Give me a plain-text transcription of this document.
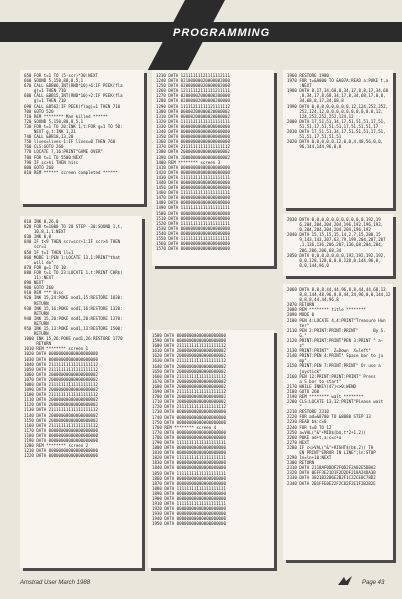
PROGRAMMING
650 FOR t=1 TO (5-scr)*30:NEXT
660 SOUND 5,150,80,8,5,1
670 CALL &BB06,INT(RND*10)+6:IF PEEK(fla
g)=1 THEN 710
680 CALL &BB15,INT(RND*10)+2:IF PEEK(fla
g)=1 THEN 710
690 CALL &B562:IF PEEK(flag)=1 THEN 710
700 GOTO 520
710 REM ******** Man killed ******
720 SOUND 5,150,80,8,5,1
730 FOR t=1 TO 20:INK 1,t:FOR g=1 TO 50:
NEXT g,t:INK 1,21
740 CALL &BB18,13,20
750 lives=lives-1:IF lives=0 THEN 760
760 CLS:GOTO 260
770 LOCATE 7,16:PRINT"GAME OVER"
780 FOR t=1 TO 5500:NEXT
790 IF sc>hi THEN hisc
800 GOTO 260
810 REM ****** screen completed ******
810 INK 0,26,0
820 FOR t=1000 TO 20 STEP -30:SOUND 1,t,
10,8,1,1:NEXT
830 INK 0,0
840 IF t<9 THEN scr=scr+1:IF scr>4 THEN
scr=1
850 IF t=1 THEN ll=1
860 MODE 1:PEN 1:LOCATE 13,1:PRINT"that
will do"
870 FOR g=1 TO 10
880 FOR t=1 TO 23:LOCATE 1,t:PRINT CHR$(
11):NEXT
890 NEXT
900 GOTO 260
910 REM *** Hisc
920 INK 15,24:POKE nod1,15:RESTORE 1830:
RETURN
930 INK 15,16:POKE nod1,16:RESTORE 1320:
RETURN
940 INK 15,20:POKE nod1,20:RESTORE 1370:
RETURN
950 INK 15,13:POKE nod1,13:RESTORE 1500:
RETURN
1000 INK 15,26:POKE nod1,26:RESTORE 1770
RETURN
1010 REM ******** screen 1
1020 DATA 00000000000000000000
1030 DATA 00000000000000000000
1040 DATA 21111111111111111112
1050 DATA 21111111111111111112
1060 DATA 20000000000000000002
1070 DATA 20000000000000000002
1080 DATA 21111111111111111112
1090 DATA 20000000000000000002
1100 DATA 21111111111111111112
1110 DATA 20000000000000000002
1120 DATA 20000000000000000002
1130 DATA 21111111111111111112
1140 DATA 20000000000000000002
1150 DATA 20000000000000000002
1160 DATA 21111111111111111112
1170 DATA 00000000000000000000
1180 DATA 00000000000000000000
1190 DATA 00000000000000000000
1200 REM ******** screen 2
1210 DATA 00000000000000000000
1220 DATA 00000000000000000000
1230 DATA 12111111121111112111
1240 DATA 02100000020000002000
1250 DATA 02000000020000002000
1260 DATA 12111112111111211111
1270 DATA 02000002000000200000
1280 DATA 02000002000000200000
1290 DATA 11111211111121111112
1300 DATA 00000200000020000002
1310 DATA 00000200000020000002
1320 DATA 11111111111111111111
1330 DATA 00000000000000000000
1340 DATA 00000000000000000000
1350 DATA 00000000000000000000
1360 DATA 00000000000000000000
1370 DATA 21111111111111111112
1380 DATA 20000000000000000002
1390 DATA 20000000000000000002
1400 REM ******** screen 3
1410 DATA 00000000000000000000
1420 DATA 00000000000000000000
1430 DATA 11111111111111111111
1440 DATA 00000000000000000000
1450 DATA 00000000000000000000
1460 DATA 11111111111111111111
1470 DATA 00000000000000000000
1480 DATA 00000000000000000000
1490 DATA 11111111111111111111
1500 DATA 00000000000000000000
1510 DATA 00000000000000000000
1520 DATA 11111111111111111111
1530 DATA 00000000000000000000
1540 DATA 00000000000000000000
1550 DATA 11111111111111111111
1560 DATA 00000000000000000000
1570 DATA 00000000000000000000
1580 DATA 00000000000000000000
1590 DATA 00000000000000000000
1600 DATA 21111111111111111112
1610 DATA 20000000000000000002
1620 DATA 20000000000000000002
1630 DATA 21111111111111111112
1640 DATA 20000000000000000002
1650 DATA 20000000000000000002
1660 DATA 21111111111111111112
1670 DATA 20000000000000000002
1680 DATA 20000000000000000002
1690 DATA 21111111111111111112
1700 DATA 20000000000000000002
1710 DATA 20000000000000000002
1720 DATA 21111111111111111112
1730 DATA 00000000000000000000
1740 DATA 00000000000000000000
1750 DATA 00000000000000000000
1760 REM ******** screen 4
1770 DATA 00000000000000000000
1780 DATA 00000000000000000000
1790 DATA 11111111111111111111
1800 DATA 00000000000000000000
1810 DATA 00000000000000000000
1820 DATA 11111111111111111111
1830 DATA 00000000000000000000
1840 DATA 00000000000000000000
1850 DATA 11111111111111111111
1860 DATA 00000000000000000000
1870 DATA 00000000000000000000
1880 DATA 11111111111111111111
1890 DATA 00000000000000000000
1900 DATA 00000000000000000000
1910 DATA 11111111111111111111
1920 DATA 00000000000000000000
1930 DATA 00000000000000000000
1940 DATA 00000000000000000000
1950 DATA 00000000000000000000
1960 RESTORE 1980
1970 FOR t=&A000 TO &A07A:READ a:POKE t,a
:NEXT
1980 DATA 8,17,34,68,8,34,17,8,8,17,34,68
,8,34,17,8,68,34,17,8,34,68,17,8,8,
34,68,8,17,34,68,8
1990 DATA 0,0,0,0,0,0,0,0,12,124,252,252,
252,124,12,0,0,0,0,0,0,0,0,0,0,12,
124,252,252,252,124,12
2000 DATA 17,51,51,34,17,51,51,51,17,51,
51,51,17,51,51,51,17,51,51,51,17
2010 DATA 17,51,51,34,17,51,51,51,17,51,
51,51,17,51,51,51
2020 DATA 0,0,0,0,0,12,0,0,4,48,56,0,0,
96,144,144,96,0,0
2030 DATA 0,0,0,0,0,0,0,0,0,0,0,192,19
6,204,204,204,204,196,192,196,192,
0,204,204,204,204,204,196,192
2040 DATA 15,15,15,15,14,2,7,15,200,15
9,143,143,207,63,79,199,204,207,207
,1,136,136,206,207,136,68,204,204,
206,206,206,68,34
2050 DATA 0,0,0,0,0,0,0,192,192,192,192,
0,0,128,128,0,0,0,128,0,144,96,0,
0,0,144,96,0
2060 DATA 8,8,8,44,44,96,8,8,44,44,68,12
8,8,144,48,96,8,8,44,24,96,0,0,144,12
8,8,8,44,44,96,8
2070 RETURN
2080 REM ******** title ********
2090 MODE 0
2100 PEN 4:LOCATE 4,4:PRINT"Treasure Hun
ter"
2110 PEN 2:PRINT:PRINT:PRINT"      By S.
G."
2120 PRINT:PRINT:PRINT"PEN 3:PRINT " a-
z"
2130 PRINT:PRINT"  Z=Down  X=left"
2140 PRINT:PEN 4:PRINT" Space bar to ju
mp"
2150 PRINT:PEN 7:PRINT:PRINT" Or use a
joystick"
2160 PEN 12:PRINT:PRINT:PRINT" Press
a S bar to start"
2170 WHILE INKEY(47)<>0:WEND
2180 GOTO 260
2190 REM ******** wait ********
2200 CLS:LOCATE 13,12:PRINT"Please wait
"
2210 RESTORE 2310
2220 FOR ad=&8700 TO &8880 STEP 13
2230 READ b$:c=0
2240 FOR t=0 TO 12
2250 a=VAL("&"+MID$(b$,t*2+1,2))
2260 POKE ad+t,a:c=c+a
2270 NEXT
2280 IF c<>VAL("&"+RIGHT$(b$,2)) TH
EN PRINT"ERROR IN LINE";ln:STOP
2290 ln=ln+10:NEXT
2300 RETURN
2310 DATA 2118AF0DDF2F0D2F2A02E5DBA2
2320 DATA 0EFF3E21D1F2D2DF218A24DA3B
2330 DATA 3821B22B6E2B2F1C22CE8C78D2
2340 DATA 2B1FFE0E22F2C82F2E1F2B2B2E
Amstrad User March 1988	Page 43
